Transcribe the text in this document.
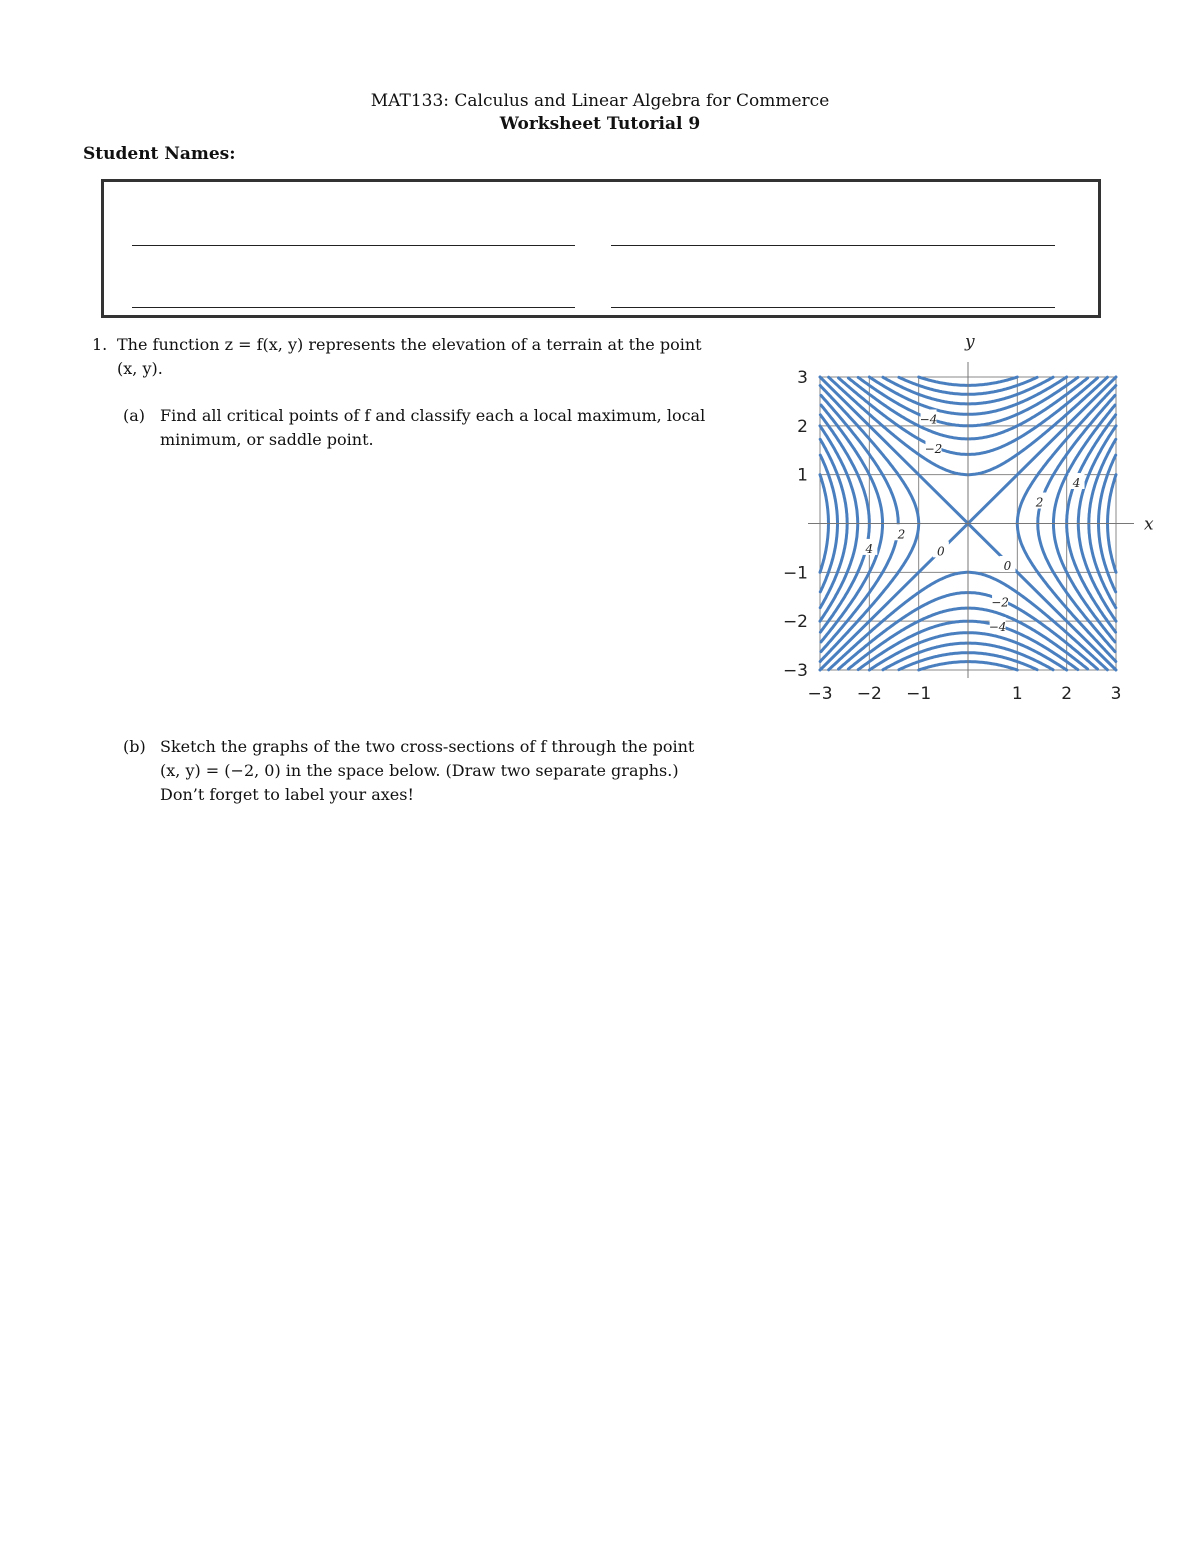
MAT133: Calculus and Linear Algebra for Commerce
Worksheet Tutorial 9
Student Names:
1. The function z = f(x, y) represents the elevation of a terrain at the point
(x, y).
(a) Find all critical points of f and classify each a local maximum, local
minimum, or saddle point.
(b) Sketch the graphs of the two cross-sections of f through the point
(x, y) = (−2, 0) in the space below. (Draw two separate graphs.)
Don’t forget to label your axes!
−3 −2 −1	1 2 3
−3
−2
−1
1
2
3
−4
−2
0
2
4
2
4
0
−2
−4
x
y
